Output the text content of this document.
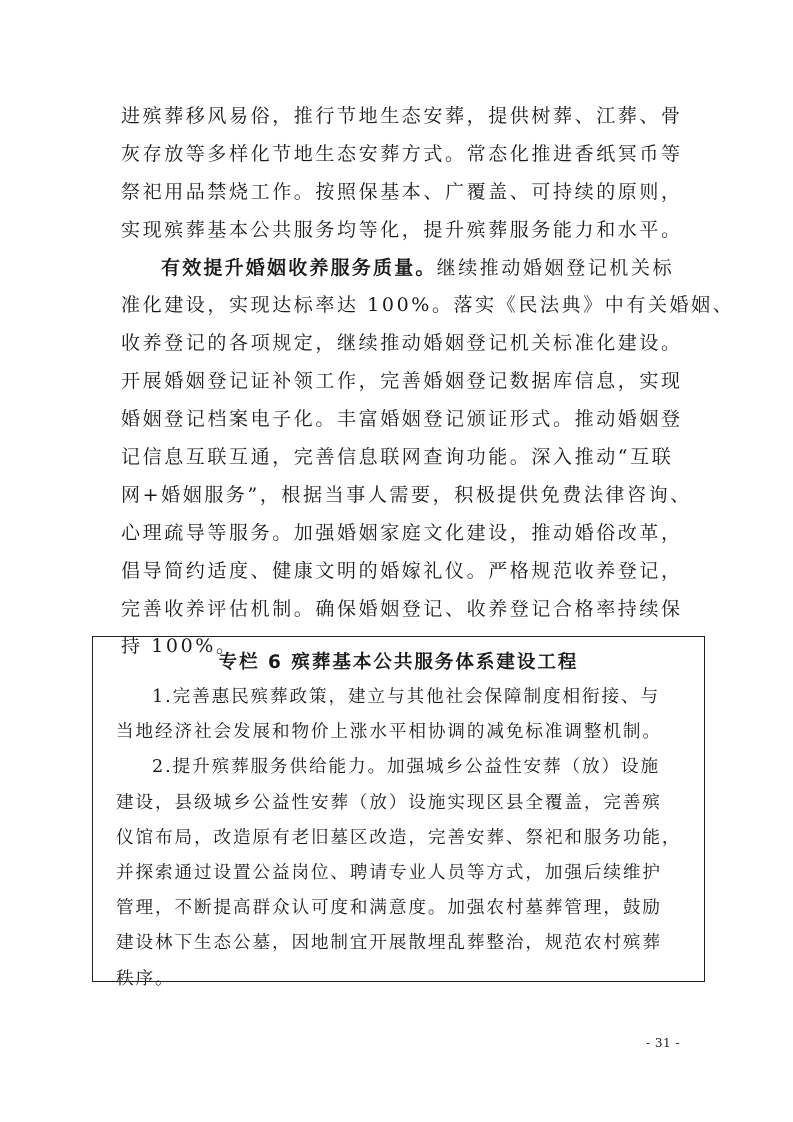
进殡葬移风易俗，推行节地生态安葬，提供树葬、江葬、骨
灰存放等多样化节地生态安葬方式。常态化推进香纸冥币等
祭祀用品禁烧工作。按照保基本、广覆盖、可持续的原则，
实现殡葬基本公共服务均等化，提升殡葬服务能力和水平。
有效提升婚姻收养服务质量。继续推动婚姻登记机关标
准化建设，实现达标率达 100%。落实《民法典》中有关婚姻、
收养登记的各项规定，继续推动婚姻登记机关标准化建设。
开展婚姻登记证补领工作，完善婚姻登记数据库信息，实现
婚姻登记档案电子化。丰富婚姻登记颁证形式。推动婚姻登
记信息互联互通，完善信息联网查询功能。深入推动“互联
网+婚姻服务”，根据当事人需要，积极提供免费法律咨询、
心理疏导等服务。加强婚姻家庭文化建设，推动婚俗改革，
倡导简约适度、健康文明的婚嫁礼仪。严格规范收养登记，
完善收养评估机制。确保婚姻登记、收养登记合格率持续保
持 100%。
专栏 6 殡葬基本公共服务体系建设工程
1.完善惠民殡葬政策，建立与其他社会保障制度相衔接、与
当地经济社会发展和物价上涨水平相协调的减免标准调整机制。
2.提升殡葬服务供给能力。加强城乡公益性安葬（放）设施
建设，县级城乡公益性安葬（放）设施实现区县全覆盖，完善殡
仪馆布局，改造原有老旧墓区改造，完善安葬、祭祀和服务功能，
并探索通过设置公益岗位、聘请专业人员等方式，加强后续维护
管理，不断提高群众认可度和满意度。加强农村墓葬管理，鼓励
建设林下生态公墓，因地制宜开展散埋乱葬整治，规范农村殡葬
秩序。
- 31 -
